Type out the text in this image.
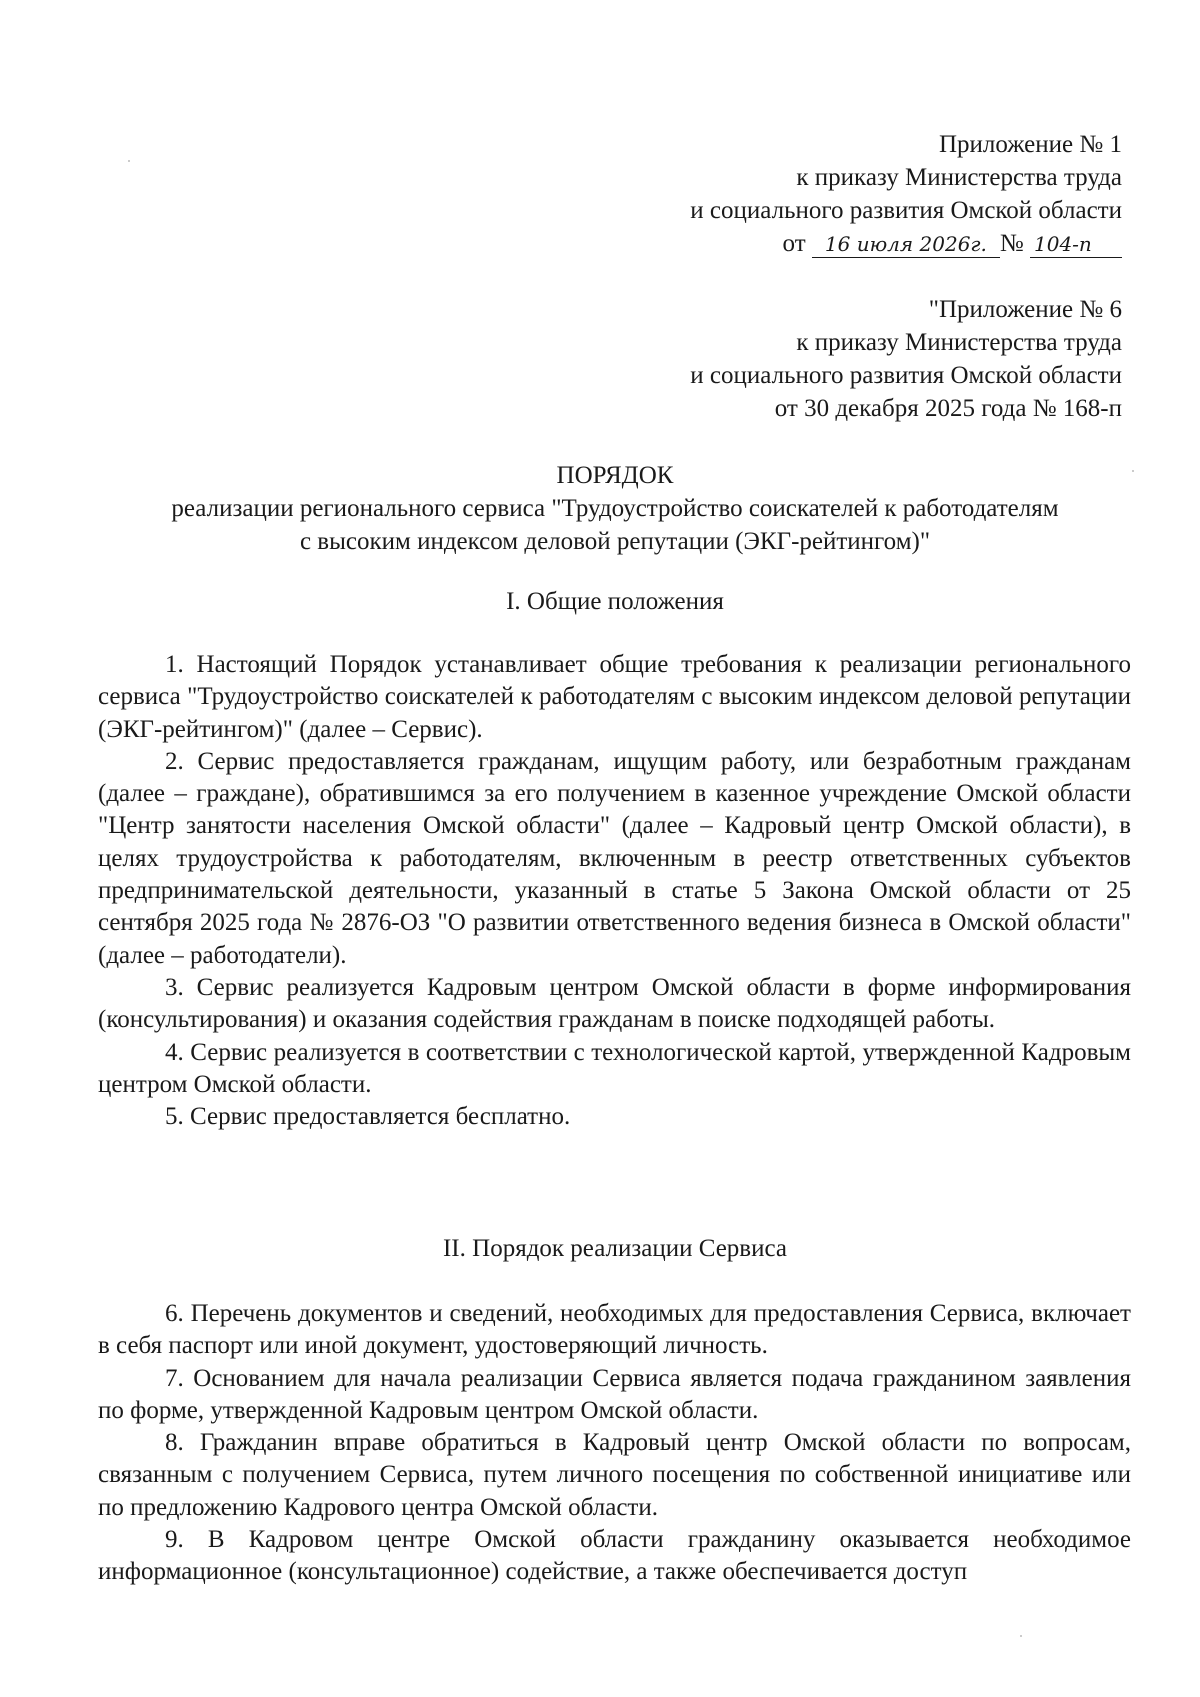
Приложение № 1
к приказу Министерства труда
и социального развития Омской области
от 16 июля 2026г. № 104-п
"Приложение № 6
к приказу Министерства труда
и социального развития Омской области
от 30 декабря 2025 года № 168-п
ПОРЯДОК
реализации регионального сервиса "Трудоустройство соискателей к работодателям
с высоким индексом деловой репутации (ЭКГ-рейтингом)"
I. Общие положения

1. Настоящий Порядок устанавливает общие требования к реализации регионального сервиса "Трудоустройство соискателей к работодателям с высоким индексом деловой репутации (ЭКГ-рейтингом)" (далее – Сервис).

2. Сервис предоставляется гражданам, ищущим работу, или безработным гражданам (далее – граждане), обратившимся за его получением в казенное учреждение Омской области "Центр занятости населения Омской области" (далее – Кадровый центр Омской области), в целях трудоустройства к работодателям, включенным в реестр ответственных субъектов предпринимательской деятельности, указанный в статье 5 Закона Омской области от 25 сентября 2025 года № 2876-ОЗ "О развитии ответственного ведения бизнеса в Омской области" (далее – работодатели).

3. Сервис реализуется Кадровым центром Омской области в форме информирования (консультирования) и оказания содействия гражданам в поиске подходящей работы.

4. Сервис реализуется в соответствии с технологической картой, утвержденной Кадровым центром Омской области.

5. Сервис предоставляется бесплатно.

II. Порядок реализации Сервиса

6. Перечень документов и сведений, необходимых для предоставления Сервиса, включает в себя паспорт или иной документ, удостоверяющий личность.

7. Основанием для начала реализации Сервиса является подача гражданином заявления по форме, утвержденной Кадровым центром Омской области.

8. Гражданин вправе обратиться в Кадровый центр Омской области по вопросам, связанным с получением Сервиса, путем личного посещения по собственной инициативе или по предложению Кадрового центра Омской области.

9. В Кадровом центре Омской области гражданину оказывается необходимое информационное (консультационное) содействие, а также обеспечивается доступ
